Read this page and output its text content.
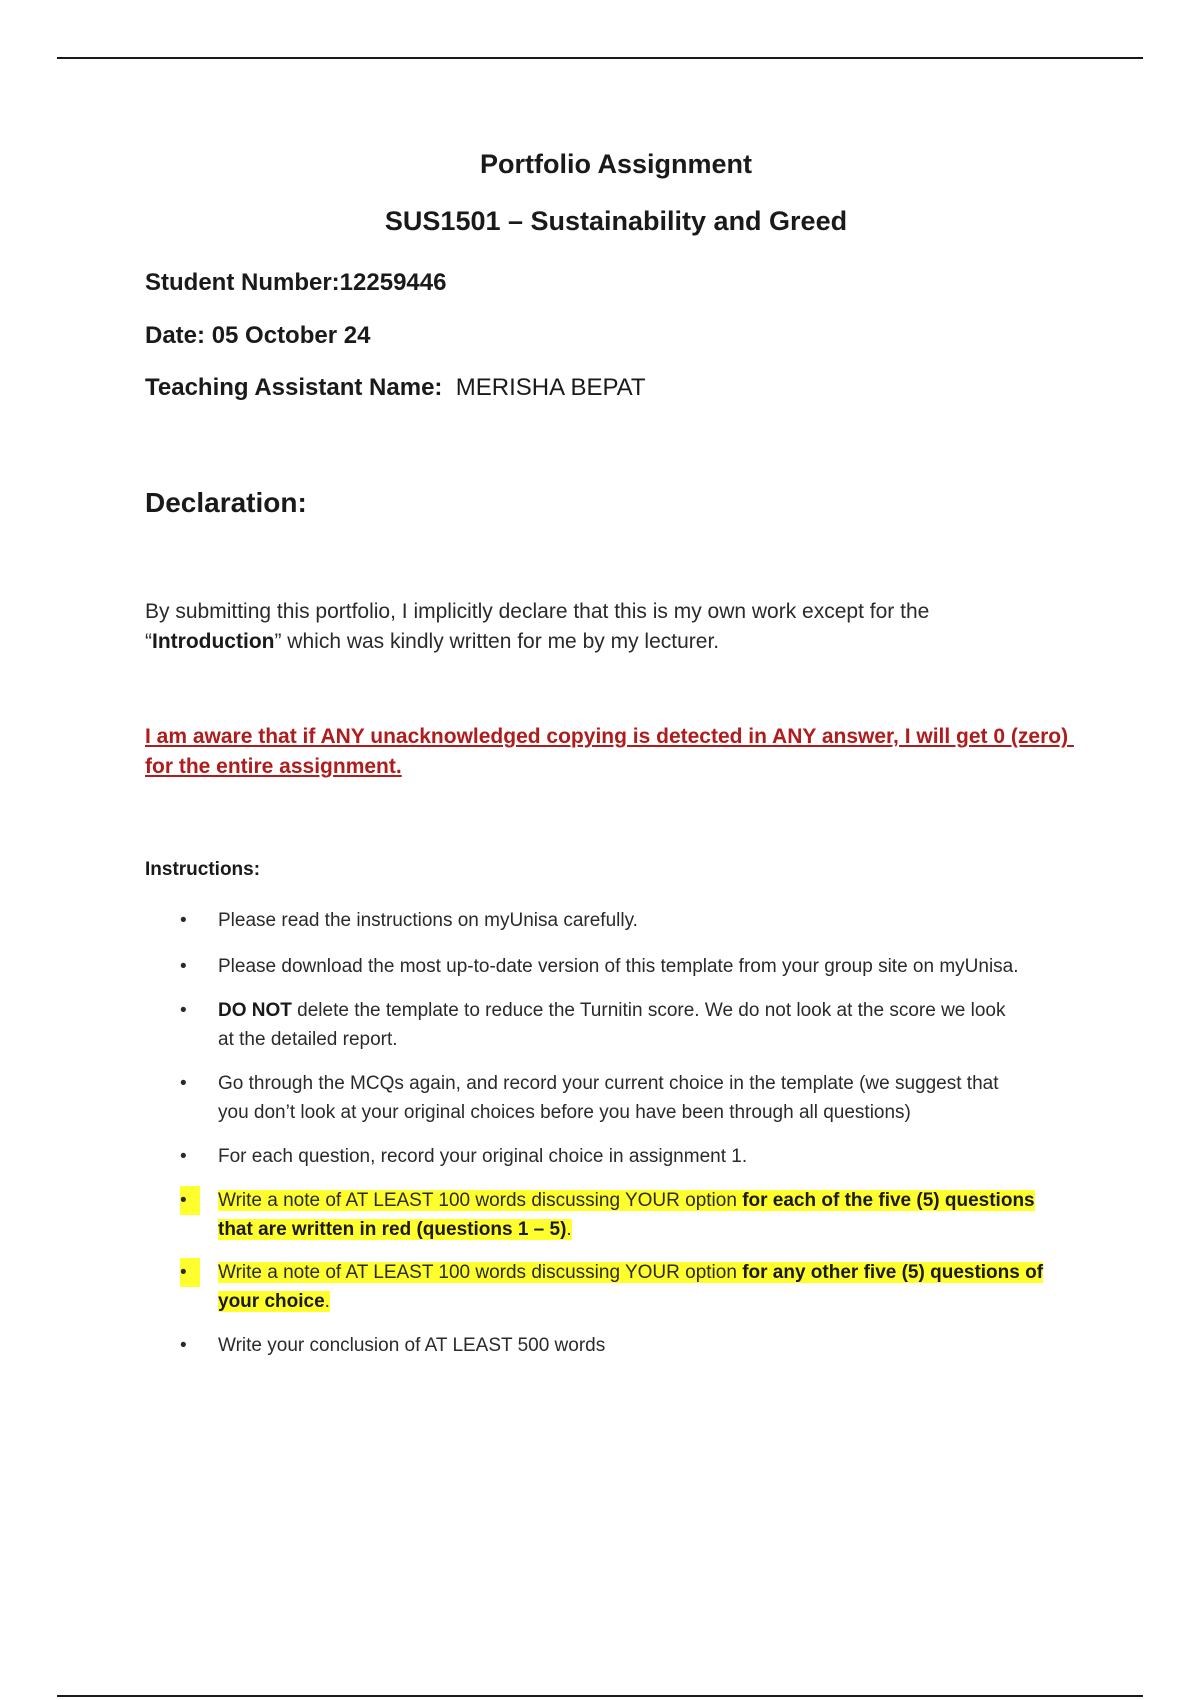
Portfolio Assignment
SUS1501 – Sustainability and Greed
Student Number:12259446
Date: 05 October 24
Teaching Assistant Name:  MERISHA BEPAT
Declaration:
By submitting this portfolio, I implicitly declare that this is my own work except for the
“Introduction” which was kindly written for me by my lecturer.
I am aware that if ANY unacknowledged copying is detected in ANY answer, I will get 0 (zero)
for the entire assignment.
Instructions:
•	Please read the instructions on myUnisa carefully.
•	Please download the most up-to-date version of this template from your group site on myUnisa.
•	DO NOT delete the template to reduce the Turnitin score. We do not look at the score we look
at the detailed report.
•	Go through the MCQs again, and record your current choice in the template (we suggest that
you don’t look at your original choices before you have been through all questions)
•	For each question, record your original choice in assignment 1.
•	Write a note of AT LEAST 100 words discussing YOUR option for each of the five (5) questions
that are written in red (questions 1 – 5).
•	Write a note of AT LEAST 100 words discussing YOUR option for any other five (5) questions of
your choice.
•	Write your conclusion of AT LEAST 500 words
